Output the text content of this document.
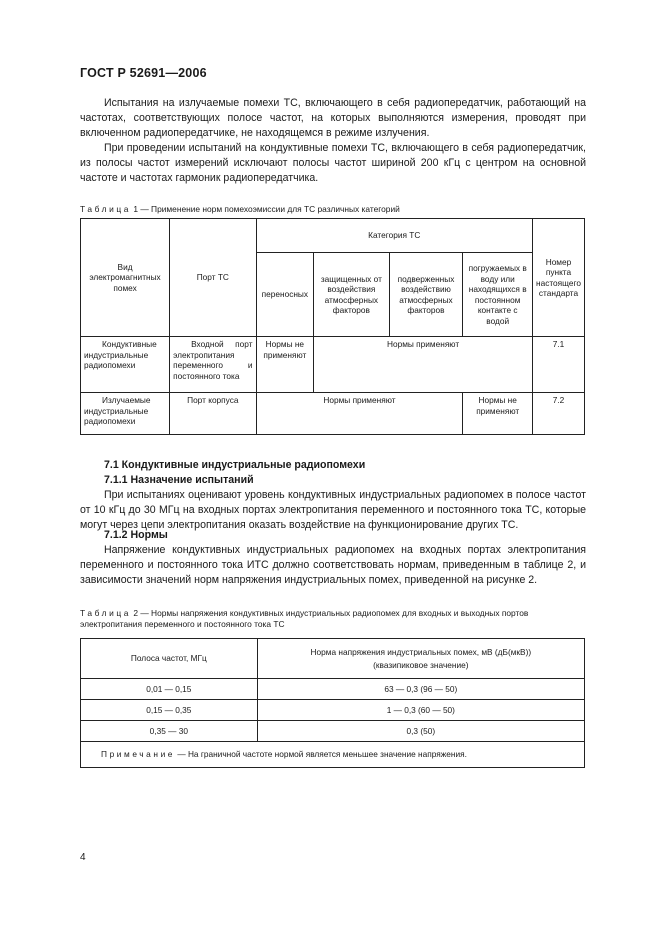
ГОСТ Р 52691—2006

Испытания на излучаемые помехи ТС, включающего в себя радиопередатчик, работающий на частотах, соответствующих полосе частот, на которых выполняются измерения, проводят при включенном радиопередатчике, не находящемся в режиме излучения.

При проведении испытаний на кондуктивные помехи ТС, включающего в себя радиопередатчик, из полосы частот измерений исключают полосы частот шириной 200 кГц с центром на основной частоте и частотах гармоник радиопередатчика.

Таблица 1 — Применение норм помехоэмиссии для ТС различных категорий
Вид электромагнитных помех	Порт ТС	Категория ТС				Номер пункта настоящего стандарта
		переносных	защищенных от воздействия атмосферных факторов	подверженных воздействию атмосферных факторов	погружаемых в воду или находящихся в постоянном контакте с водой	
Кондуктивные индустриальные радиопомехи	Входной порт электропитания переменного и постоянного тока	Нормы не применяют	Нормы применяют			7.1
Излучаемые индустриальные радиопомехи	Порт корпуса	Нормы применяют			Нормы не применяют	7.2
7.1 Кондуктивные индустриальные радиопомехи
7.1.1 Назначение испытаний

При испытаниях оценивают уровень кондуктивных индустриальных радиопомех в полосе частот от 10 кГц до 30 МГц на входных портах электропитания переменного и постоянного тока ТС, которые могут через цепи электропитания оказать воздействие на функционирование других ТС.

7.1.2 Нормы

Напряжение кондуктивных индустриальных радиопомех на входных портах электропитания переменного и постоянного тока ИТС должно соответствовать нормам, приведенным в таблице 2, и зависимости значений норм напряжения индустриальных помех, приведенной на рисунке 2.

Таблица 2 — Нормы напряжения кондуктивных индустриальных радиопомех для входных и выходных портов электропитания переменного и постоянного тока ТС
Полоса частот, МГц	Норма напряжения индустриальных помех, мВ (дБ(мкВ))
(квазипиковое значение)

0,01 — 0,15	63 — 0,3 (96 — 50)
0,15 — 0,35	1 — 0,3 (60 — 50)
0,35 — 30	0,3 (50)
Примечание — На граничной частоте нормой является меньшее значение напряжения.	
4
